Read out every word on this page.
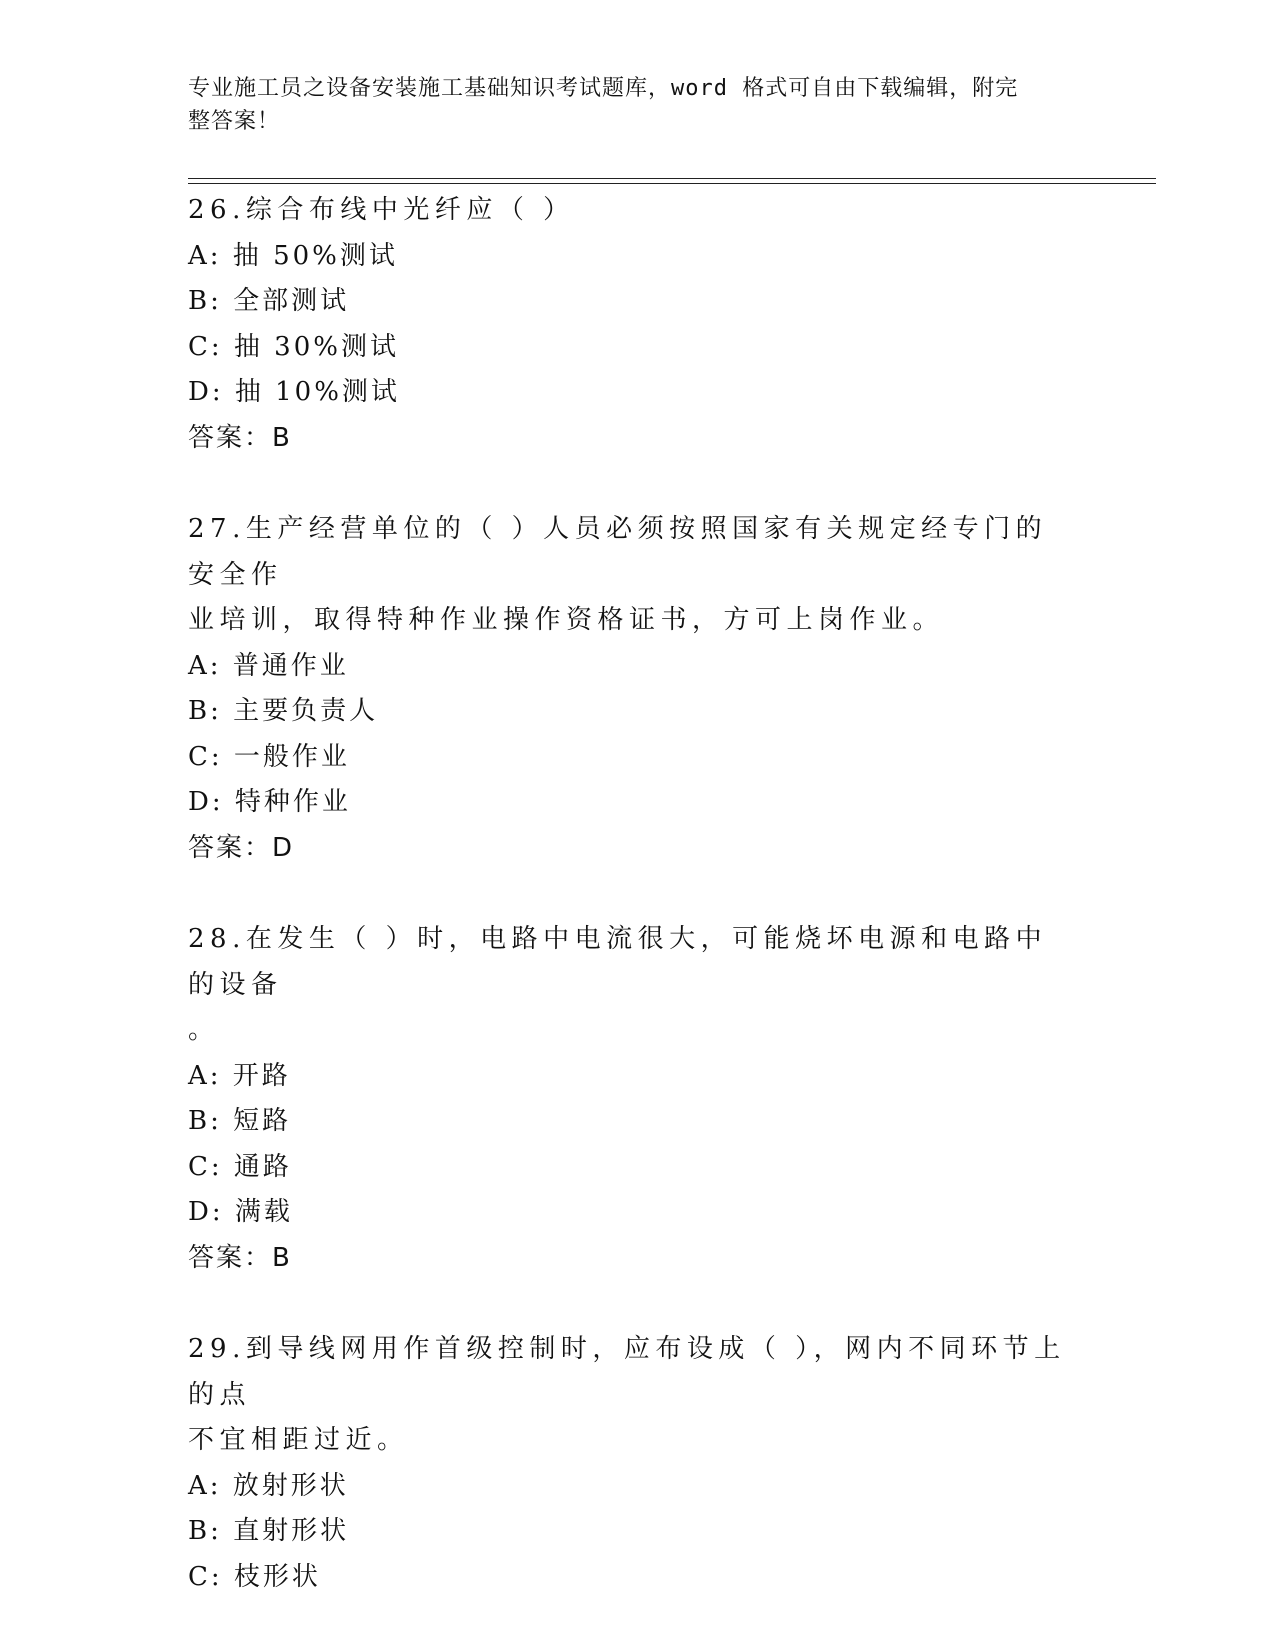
专业施工员之设备安装施工基础知识考试题库，word 格式可自由下载编辑，附完
整答案！
26.综合布线中光纤应（ ）
A: 抽 50%测试
B: 全部测试
C: 抽 30%测试
D: 抽 10%测试
答案：B
27.生产经营单位的（ ）人员必须按照国家有关规定经专门的安全作
业培训，取得特种作业操作资格证书，方可上岗作业。
A: 普通作业
B: 主要负责人
C: 一般作业
D: 特种作业
答案：D
28.在发生（ ）时，电路中电流很大，可能烧坏电源和电路中的设备
。
A: 开路
B: 短路
C: 通路
D: 满载
答案：B
29.到导线网用作首级控制时，应布设成（ ），网内不同环节上的点
不宜相距过近。
A: 放射形状
B: 直射形状
C: 枝形状
